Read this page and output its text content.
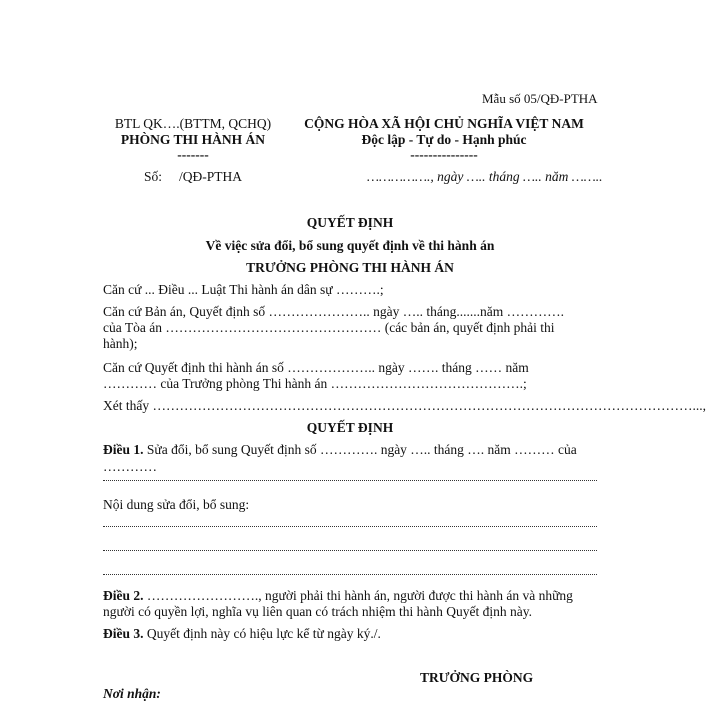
Mẫu số 05/QĐ-PTHA
BTL QK….(BTTM, QCHQ)
PHÒNG THI HÀNH ÁN
-------
Số: /QĐ-PTHA
CỘNG HÒA XÃ HỘI CHỦ NGHĨA VIỆT NAM
Độc lập - Tự do - Hạnh phúc
---------------
……………., ngày ….. tháng ….. năm ……..
QUYẾT ĐỊNH
Về việc sửa đổi, bổ sung quyết định về thi hành án
TRƯỞNG PHÒNG THI HÀNH ÁN
Căn cứ ... Điều ... Luật Thi hành án dân sự ……….;
Căn cứ Bản án, Quyết định số ………………….. ngày ….. tháng.......năm ………….
của Tòa án ………………………………………… (các bản án, quyết định phải thi
hành);
Căn cứ Quyết định thi hành án số ……………….. ngày ……. tháng …… năm
………… của Trưởng phòng Thi hành án …………………………………….;
Xét thấy …………………………………………………………………………………………………………...,
QUYẾT ĐỊNH
Điều 1. Sửa đổi, bổ sung Quyết định số …………. ngày ….. tháng …. năm ……… của
…………
Nội dung sửa đổi, bổ sung:
Điều 2. ……………………., người phải thi hành án, người được thi hành án và những
người có quyền lợi, nghĩa vụ liên quan có trách nhiệm thi hành Quyết định này.
Điều 3. Quyết định này có hiệu lực kể từ ngày ký./.
TRƯỞNG PHÒNG
Nơi nhận:
